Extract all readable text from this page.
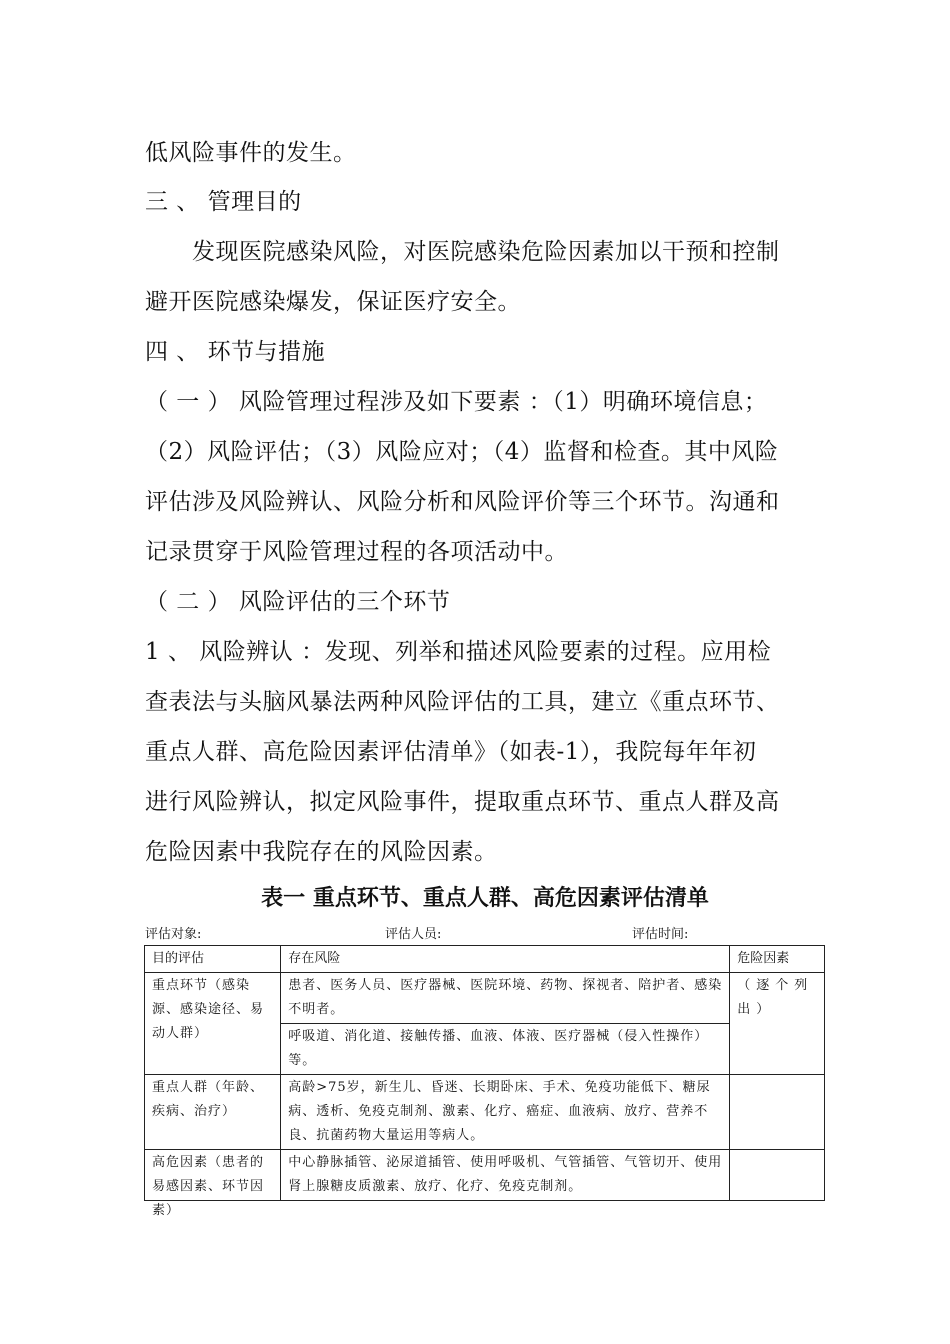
低风险事件的发生。
三 、 管理目的
发现医院感染风险，对医院感染危险因素加以干预和控制
避开医院感染爆发，保证医疗安全。
四 、 环节与措施
（ 一 ） 风险管理过程涉及如下要素 ：（1）明确环境信息；
（2）风险评估；（3）风险应对；（4）监督和检查。其中风险
评估涉及风险辨认、风险分析和风险评价等三个环节。沟通和
记录贯穿于风险管理过程的各项活动中。
（ 二 ） 风险评估的三个环节
1 、 风险辨认 ：发现、列举和描述风险要素的过程。应用检
查表法与头脑风暴法两种风险评估的工具，建立《重点环节、
重点人群、高危险因素评估清单》（如表-1），我院每年年初
进行风险辨认，拟定风险事件，提取重点环节、重点人群及高
危险因素中我院存在的风险因素。
表一 重点环节、重点人群、高危因素评估清单
评估对象:	评估人员:	评估时间:
目的评估	存在风险	危险因素
重点环节（感染源、感染途径、易动人群）	患者、医务人员、医疗器械、医院环境、药物、探视者、陪护者、感染不明者。	（逐个列出）
	呼吸道、消化道、接触传播、血液、体液、医疗器械（侵入性操作）等。	
重点人群（年龄、疾病、治疗）	高龄>75岁，新生儿、昏迷、长期卧床、手术、免疫功能低下、糖尿病、透析、免疫克制剂、激素、化疗、癌症、血液病、放疗、营养不良、抗菌药物大量运用等病人。	

高危因素（患者的易感因素、环节因素）	中心静脉插管、泌尿道插管、使用呼吸机、气管插管、气管切开、使用肾上腺糖皮质激素、放疗、化疗、免疫克制剂。	
